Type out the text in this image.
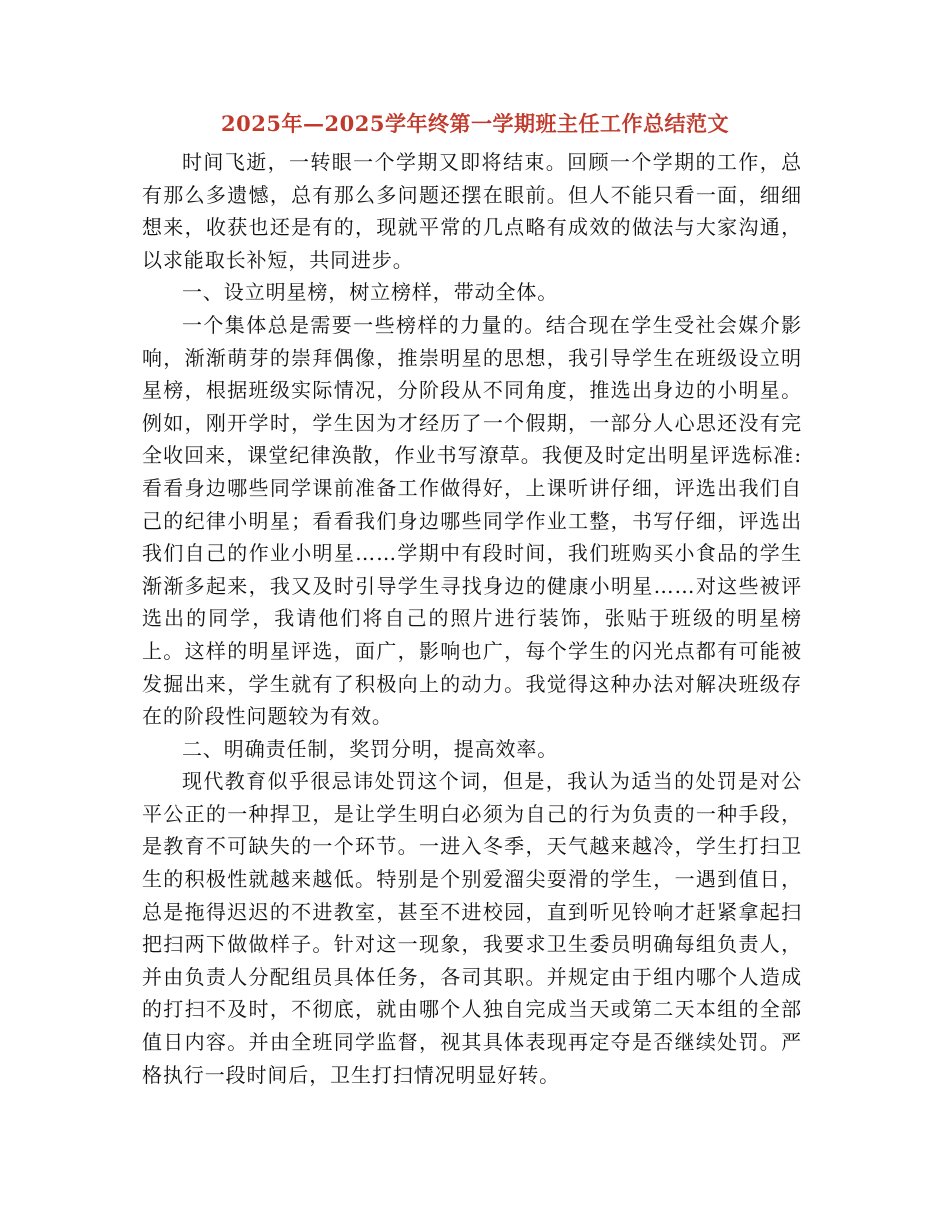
2025年—2025学年终第一学期班主任工作总结范文

时间飞逝，一转眼一个学期又即将结束。回顾一个学期的工作，总有那么多遗憾，总有那么多问题还摆在眼前。但人不能只看一面，细细想来，收获也还是有的，现就平常的几点略有成效的做法与大家沟通，以求能取长补短，共同进步。

一、设立明星榜，树立榜样，带动全体。

一个集体总是需要一些榜样的力量的。结合现在学生受社会媒介影响，渐渐萌芽的崇拜偶像，推崇明星的思想，我引导学生在班级设立明星榜，根据班级实际情况，分阶段从不同角度，推选出身边的小明星。例如，刚开学时，学生因为才经历了一个假期，一部分人心思还没有完全收回来，课堂纪律涣散，作业书写潦草。我便及时定出明星评选标准:看看身边哪些同学课前准备工作做得好，上课听讲仔细，评选出我们自己的纪律小明星；看看我们身边哪些同学作业工整，书写仔细，评选出我们自己的作业小明星……学期中有段时间，我们班购买小食品的学生渐渐多起来，我又及时引导学生寻找身边的健康小明星……对这些被评选出的同学，我请他们将自己的照片进行装饰，张贴于班级的明星榜上。这样的明星评选，面广，影响也广，每个学生的闪光点都有可能被发掘出来，学生就有了积极向上的动力。我觉得这种办法对解决班级存在的阶段性问题较为有效。

二、明确责任制，奖罚分明，提高效率。

现代教育似乎很忌讳处罚这个词，但是，我认为适当的处罚是对公平公正的一种捍卫，是让学生明白必须为自己的行为负责的一种手段，是教育不可缺失的一个环节。一进入冬季，天气越来越冷，学生打扫卫生的积极性就越来越低。特别是个别爱溜尖耍滑的学生，一遇到值日，总是拖得迟迟的不进教室，甚至不进校园，直到听见铃响才赶紧拿起扫把扫两下做做样子。针对这一现象，我要求卫生委员明确每组负责人，并由负责人分配组员具体任务，各司其职。并规定由于组内哪个人造成的打扫不及时，不彻底，就由哪个人独自完成当天或第二天本组的全部值日内容。并由全班同学监督，视其具体表现再定夺是否继续处罚。严格执行一段时间后，卫生打扫情况明显好转。
